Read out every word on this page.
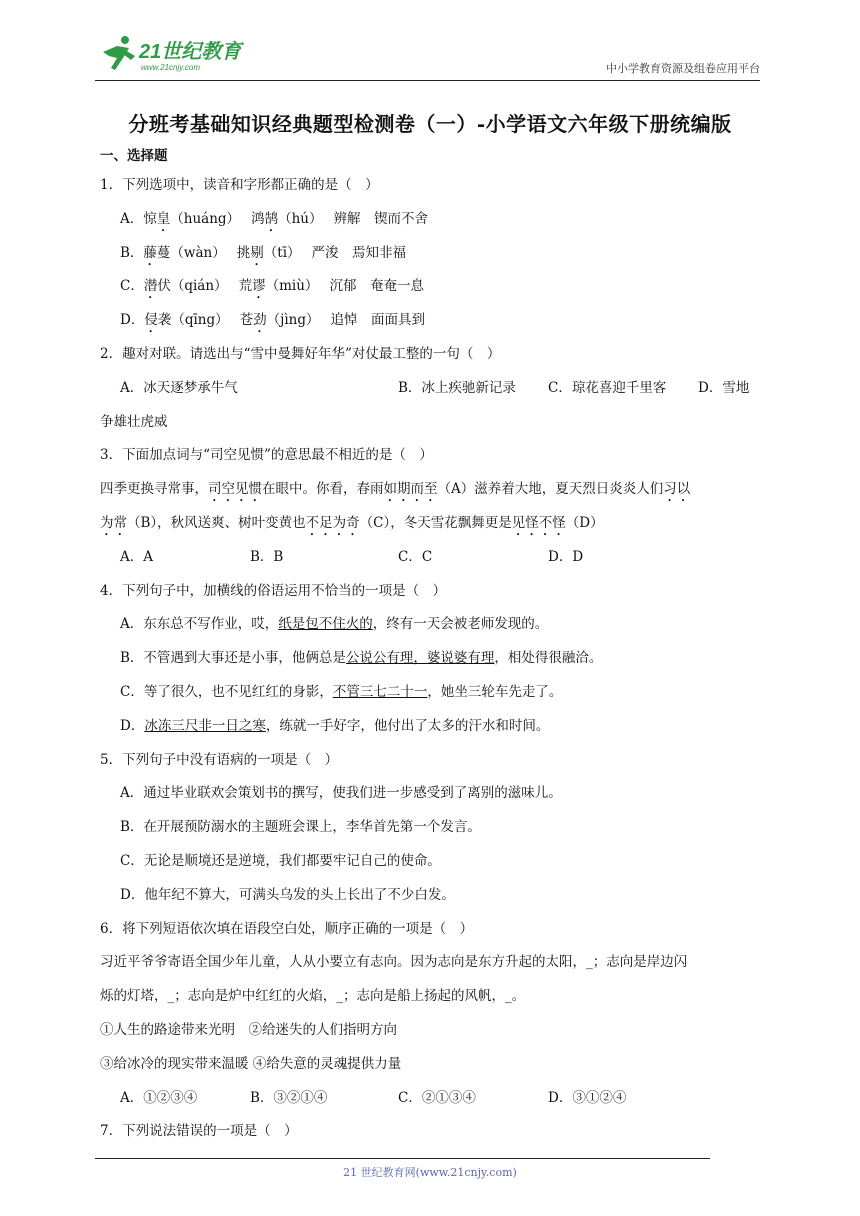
21世纪教育
www.21cnjy.com	中小学教育资源及组卷应用平台
分班考基础知识经典题型检测卷（一）-小学语文六年级下册统编版
一、选择题
1．下列选项中，读音和字形都正确的是（　）
A．惊皇（huáng）　 鸿鹄（hú）　 辨解　锲而不舍
B．藤蔓（wàn）　 挑剔（tī）　 严浚　焉知非福
C．潜伏（qián）　 荒谬（miù）　 沉郁　奄奄一息
D．侵袭（qīng）　 苍劲（jìng）　 追悼　面面具到
2．趣对对联。请选出与“雪中曼舞好年华”对仗最工整的一句（　）
A．冰天逐梦承牛气	B．冰上疾驰新记录	C．琼花喜迎千里客	D．雪地
争雄壮虎威
3．下面加点词与“司空见惯”的意思最不相近的是（　）
四季更换寻常事，司空见惯在眼中。你看，春雨如期而至（A）滋养着大地，夏天烈日炎炎人们习以
为常（B），秋风送爽、树叶变黄也不足为奇（C），冬天雪花飘舞更是见怪不怪（D）
A．A	B．B	C．C	D．D
4．下列句子中，加横线的俗语运用不恰当的一项是（　）
A．东东总不写作业，哎，纸是包不住火的，终有一天会被老师发现的。
B．不管遇到大事还是小事，他俩总是公说公有理，婆说婆有理，相处得很融洽。
C．等了很久，也不见红红的身影，不管三七二十一，她坐三轮车先走了。
D．冰冻三尺非一日之寒，练就一手好字，他付出了太多的汗水和时间。
5．下列句子中没有语病的一项是（　）
A．通过毕业联欢会策划书的撰写，使我们进一步感受到了离别的滋味儿。
B．在开展预防溺水的主题班会课上，李华首先第一个发言。
C．无论是顺境还是逆境，我们都要牢记自己的使命。
D．他年纪不算大，可满头乌发的头上长出了不少白发。
6．将下列短语依次填在语段空白处，顺序正确的一项是（　）
习近平爷爷寄语全国少年儿童，人从小要立有志向。因为志向是东方升起的太阳，_；志向是岸边闪
烁的灯塔，_；志向是炉中红红的火焰，_；志向是船上扬起的风帆，_。
①人生的路途带来光明　②给迷失的人们指明方向
③给冰冷的现实带来温暖 ④给失意的灵魂提供力量
A．①②③④	B．③②①④	C．②①③④	D．③①②④
7．下列说法错误的一项是（　）
21 世纪教育网(www.21cnjy.com)
